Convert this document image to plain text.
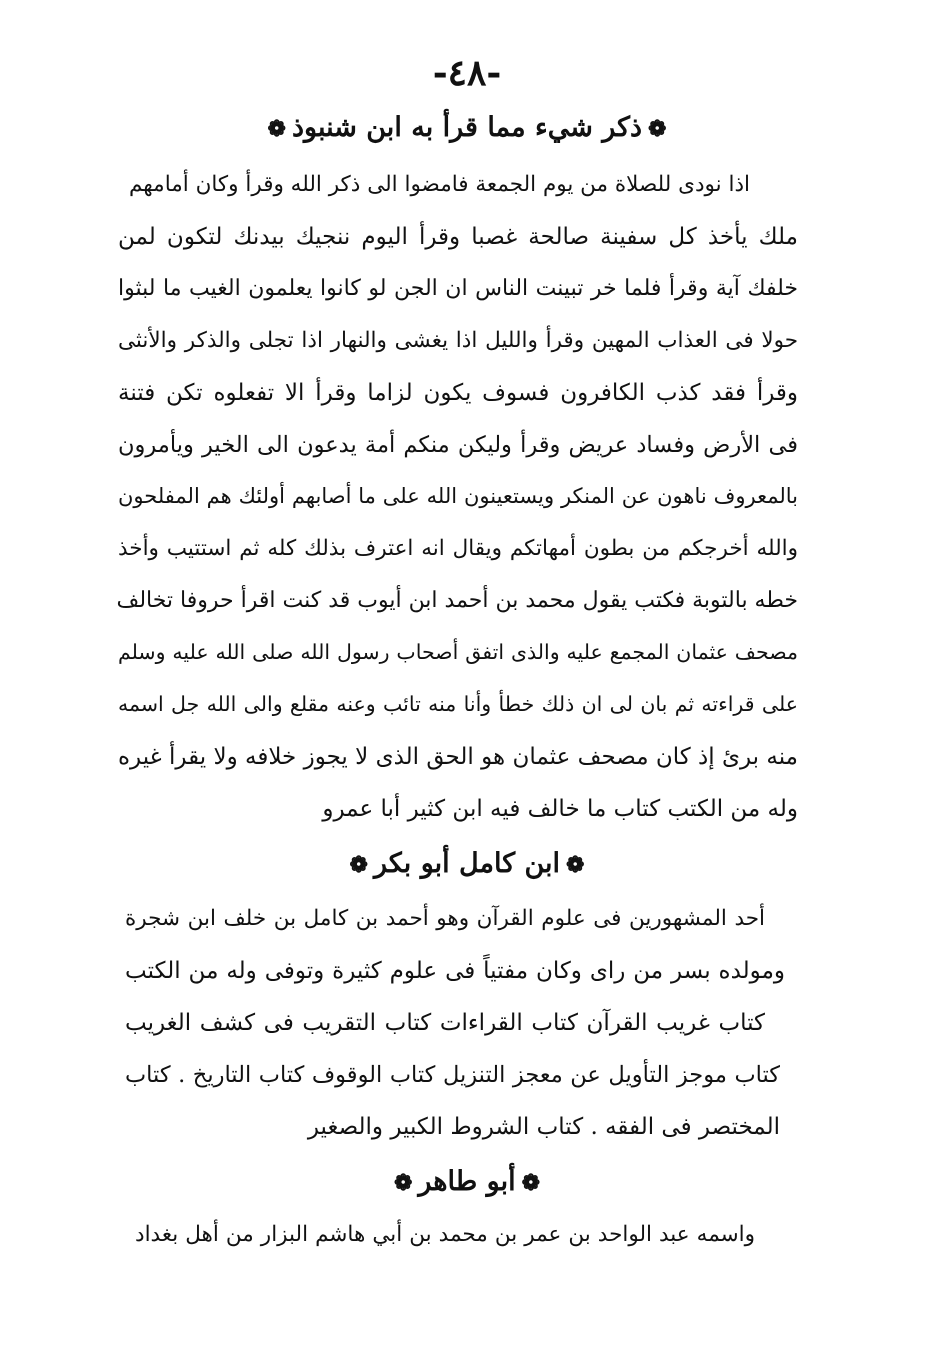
-٤٨-
❁ذكر شيء مما قرأ به ابن شنبوذ❁
اذا نودى للصلاة من يوم الجمعة فامضوا الى ذكر الله وقرأ وكان أمامهم
ملك يأخذ كل سفينة صالحة غصبا وقرأ اليوم ننجيك بيدنك لتكون لمن
خلفك آية وقرأ فلما خر تبينت الناس ان الجن لو كانوا يعلمون الغيب ما لبثوا
حولا فى العذاب المهين وقرأ والليل اذا يغشى والنهار اذا تجلى والذكر والأنثى
وقرأ فقد كذب الكافرون فسوف يكون لزاما وقرأ الا تفعلوه تكن فتنة
فى الأرض وفساد عريض وقرأ وليكن منكم أمة يدعون الى الخير ويأمرون
بالمعروف ناهون عن المنكر ويستعينون الله على ما أصابهم أولئك هم المفلحون
والله أخرجكم من بطون أمهاتكم ويقال انه اعترف بذلك كله ثم استتيب وأخذ
خطه بالتوبة فكتب يقول محمد بن أحمد ابن أيوب قد كنت اقرأ حروفا تخالف
مصحف عثمان المجمع عليه والذى اتفق أصحاب رسول الله صلى الله عليه وسلم
على قراءته ثم بان لى ان ذلك خطأ وأنا منه تائب وعنه مقلع والى الله جل اسمه
منه برئ إذ كان مصحف عثمان هو الحق الذى لا يجوز خلافه ولا يقرأ غيره
وله من الكتب كتاب ما خالف فيه ابن كثير أبا عمرو
❁ابن كامل أبو بكر❁
أحد المشهورين فى علوم القرآن وهو أحمد بن كامل بن خلف ابن شجرة
ومولده بسر من راى وكان مفتياً فى علوم كثيرة وتوفى وله من الكتب
كتاب غريب القرآن كتاب القراءات كتاب التقريب فى كشف الغريب
كتاب موجز التأويل عن معجز التنزيل كتاب الوقوف كتاب التاريخ . كتاب
المختصر فى الفقه . كتاب الشروط الكبير والصغير
❁أبو طاهر❁
واسمه عبد الواحد بن عمر بن محمد بن أبي هاشم البزار من أهل بغداد
